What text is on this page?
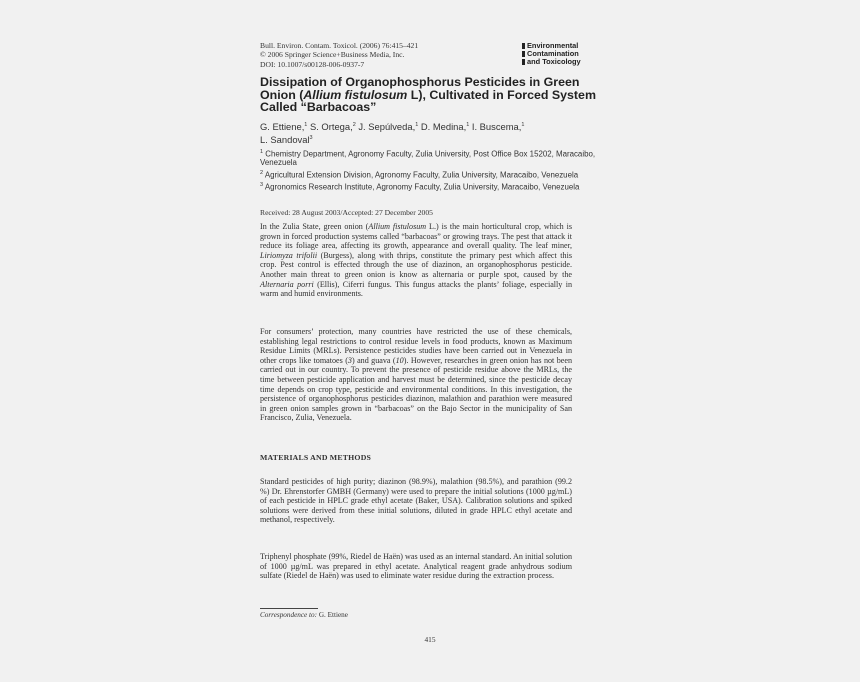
Bull. Environ. Contam. Toxicol. (2006) 76:415–421
© 2006 Springer Science+Business Media, Inc.
DOI: 10.1007/s00128-006-0937-7
Environmental
Contamination
and Toxicology
Dissipation of Organophosphorus Pesticides in Green Onion (Allium fistulosum L), Cultivated in Forced System Called “Barbacoas”
G. Ettiene,$^1$ S. Ortega,$^2$ J. Sepúlveda,$^1$ D. Medina,$^1$ I. Buscema,$^1$
L. Sandoval$^3$
$^1$ Chemistry Department, Agronomy Faculty, Zulia University, Post Office Box 15202, Maracaibo, Venezuela
$^2$ Agricultural Extension Division, Agronomy Faculty, Zulia University, Maracaibo, Venezuela
$^3$ Agronomics Research Institute, Agronomy Faculty, Zulia University, Maracaibo, Venezuela
Received: 28 August 2003/Accepted: 27 December 2005
In the Zulia State, green onion (Allium fistulosum L.) is the main horticultural crop, which is grown in forced production systems called “barbacoas” or growing trays. The pest that attack it reduce its foliage area, affecting its growth, appearance and overall quality. The leaf miner, Liriomyza trifolii (Burgess), along with thrips, constitute the primary pest which affect this crop. Pest control is effected through the use of diazinon, an organophosphorus pesticide. Another main threat to green onion is know as alternaria or purple spot, caused by the Alternaria porri (Ellis), Ciferri fungus. This fungus attacks the plants’ foliage, especially in warm and humid environments.
For consumers’ protection, many countries have restricted the use of these chemicals, establishing legal restrictions to control residue levels in food products, known as Maximum Residue Limits (MRLs). Persistence pesticides studies have been carried out in Venezuela in other crops like tomatoes (3) and guava (10). However, researches in green onion has not been carried out in our country. To prevent the presence of pesticide residue above the MRLs, the time between pesticide application and harvest must be determined, since the pesticide decay time depends on crop type, pesticide and environmental conditions. In this investigation, the persistence of organophosphorus pesticides diazinon, malathion and parathion were measured in green onion samples grown in “barbacoas” on the Bajo Sector in the municipality of San Francisco, Zulia, Venezuela.
MATERIALS AND METHODS
Standard pesticides of high purity; diazinon (98.9%), malathion (98.5%), and parathion (99.2 %) Dr. Ehrenstorfer GMBH (Germany) were used to prepare the initial solutions (1000 µg/mL) of each pesticide in HPLC grade ethyl acetate (Baker, USA). Calibration solutions and spiked solutions were derived from these initial solutions, diluted in grade HPLC ethyl acetate and methanol, respectively.
Triphenyl phosphate (99%, Riedel de Haën) was used as an internal standard. An initial solution of 1000 µg/mL was prepared in ethyl acetate. Analytical reagent grade anhydrous sodium sulfate (Riedel de Haën) was used to eliminate water residue during the extraction process.
Correspondence to: G. Ettiene
415
